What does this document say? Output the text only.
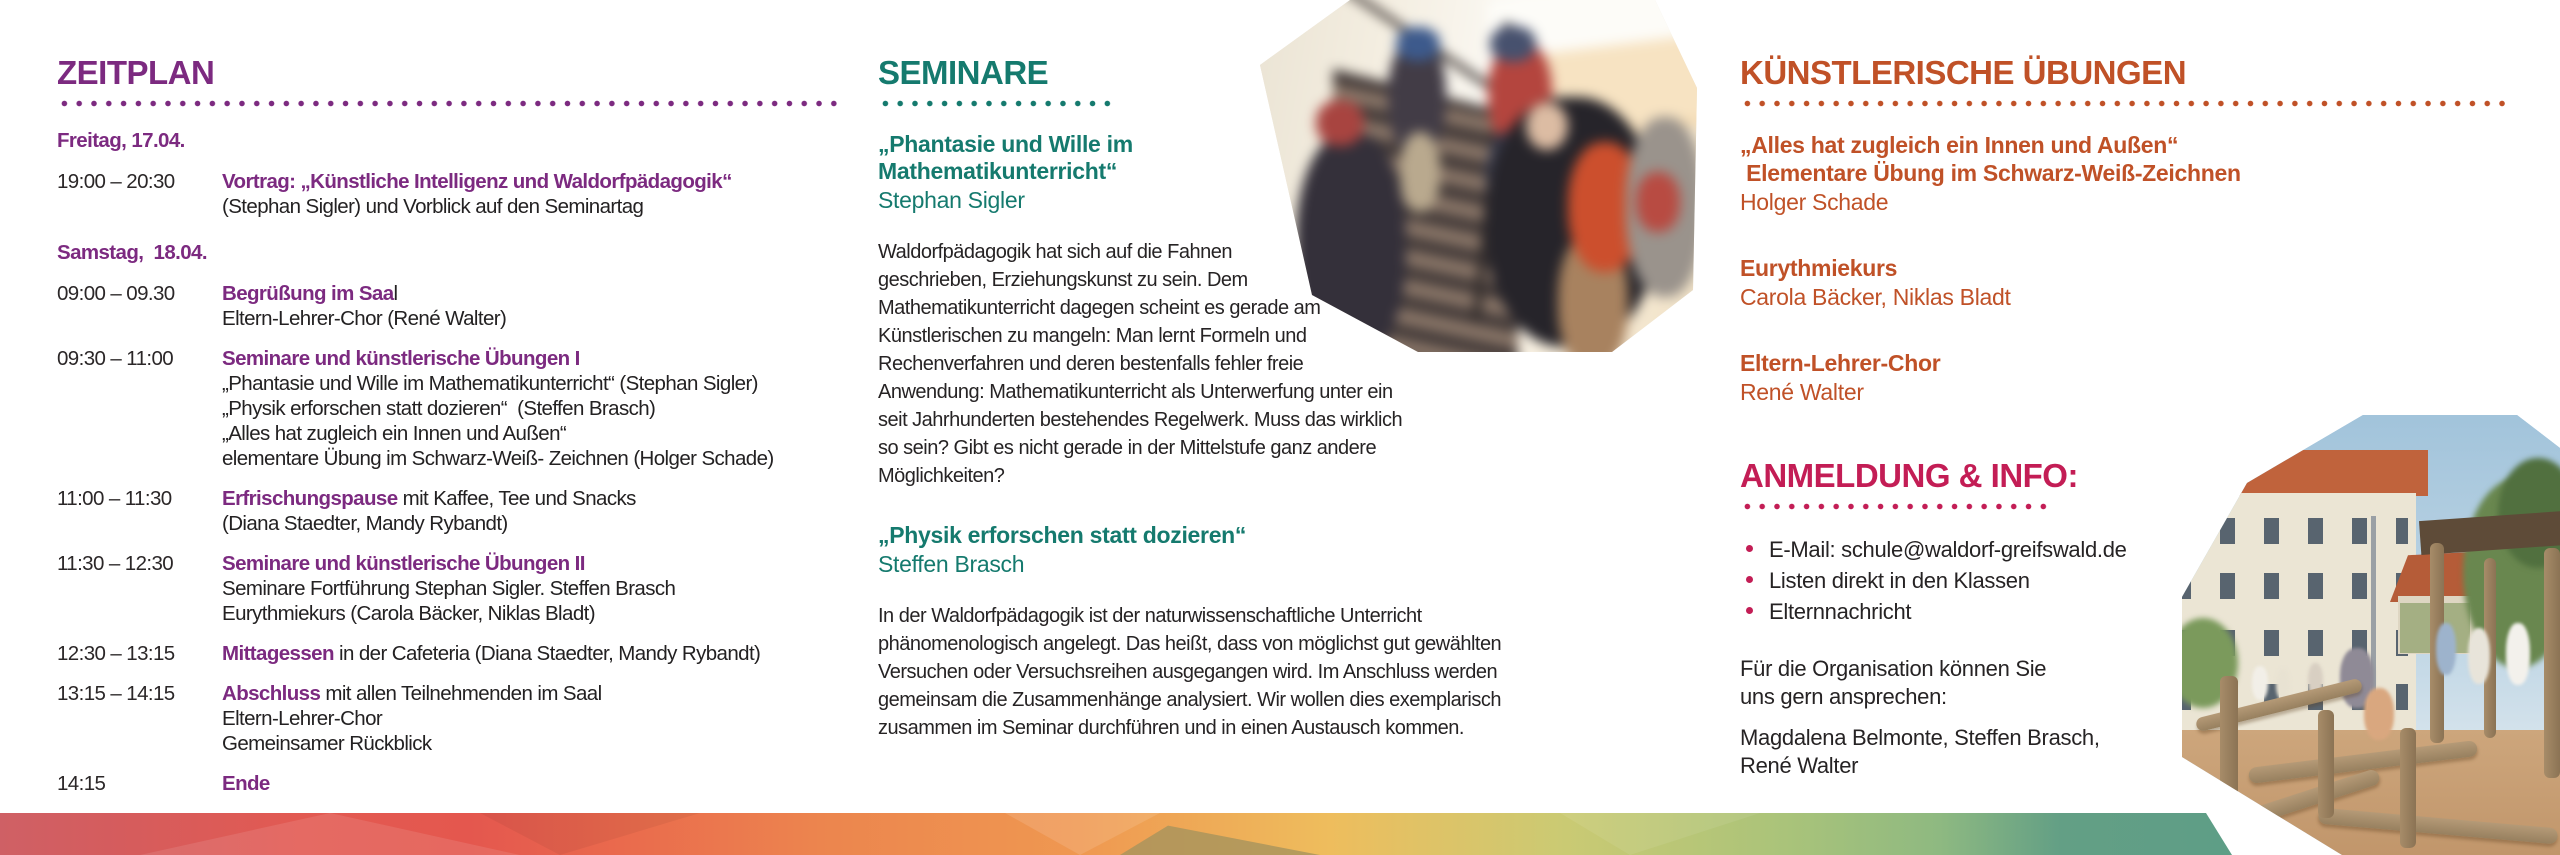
ZEITPLAN
Freitag, 17.04.
19:00 – 20:30	Vortrag: „Künstliche Intelligenz und Waldorfpädagogik“
(Stephan Sigler) und Vorblick auf den Seminartag
Samstag,  18.04.
09:00 – 09.30	Begrüßung im Saal
Eltern-Lehrer-Chor (René Walter)
09:30 – 11:00	Seminare und künstlerische Übungen I
„Phantasie und Wille im Mathematikunterricht“ (Stephan Sigler)
„Physik erforschen statt dozieren“  (Steffen Brasch)
„Alles hat zugleich ein Innen und Außen“
elementare Übung im Schwarz-Weiß- Zeichnen (Holger Schade)
11:00 – 11:30	Erfrischungspause mit Kaffee, Tee und Snacks
(Diana Staedter, Mandy Rybandt)
11:30 – 12:30	Seminare und künstlerische Übungen II
Seminare Fortführung Stephan Sigler. Steffen Brasch
Eurythmiekurs (Carola Bäcker, Niklas Bladt)
12:30 – 13:15	Mittagessen in der Cafeteria (Diana Staedter, Mandy Rybandt)
13:15 – 14:15	Abschluss mit allen Teilnehmenden im Saal
Eltern-Lehrer-Chor
Gemeinsamer Rückblick
14:15	Ende
SEMINARE
„Phantasie und Wille im
Mathematikunterricht“
Stephan Sigler
Waldorfpädagogik hat sich auf die Fahnen geschrieben, Erziehungskunst zu sein. Dem Mathematikunterricht dagegen scheint es gerade am Künstlerischen zu mangeln: Man lernt Formeln und Rechenverfahren und deren bestenfalls fehler freie Anwendung: Mathematikunterricht als Unterwerfung unter ein seit Jahrhunderten bestehendes Regelwerk. Muss das wirklich so sein? Gibt es nicht gerade in der Mittelstufe ganz andere Möglichkeiten?
„Physik erforschen statt dozieren“
Steffen Brasch
In der Waldorfpädagogik ist der naturwissenschaftliche Unterricht phänomenologisch angelegt. Das heißt, dass von möglichst gut gewählten Versuchen oder Versuchsreihen ausgegangen wird. Im Anschluss werden gemeinsam die Zusammenhänge analysiert. Wir wollen dies exemplarisch zusammen im Seminar durchführen und in einen Austausch kommen.
KÜNSTLERISCHE ÜBUNGEN
„Alles hat zugleich ein Innen und Außen“
Elementare Übung im Schwarz-Weiß-Zeichnen
Holger Schade
Eurythmiekurs
Carola Bäcker, Niklas Bladt
Eltern-Lehrer-Chor
René Walter
ANMELDUNG & INFO:
E-Mail: schule@waldorf-greifswald.de
Listen direkt in den Klassen
Elternnachricht
Für die Organisation können Sie
uns gern ansprechen:
Magdalena Belmonte, Steffen Brasch,
René Walter
